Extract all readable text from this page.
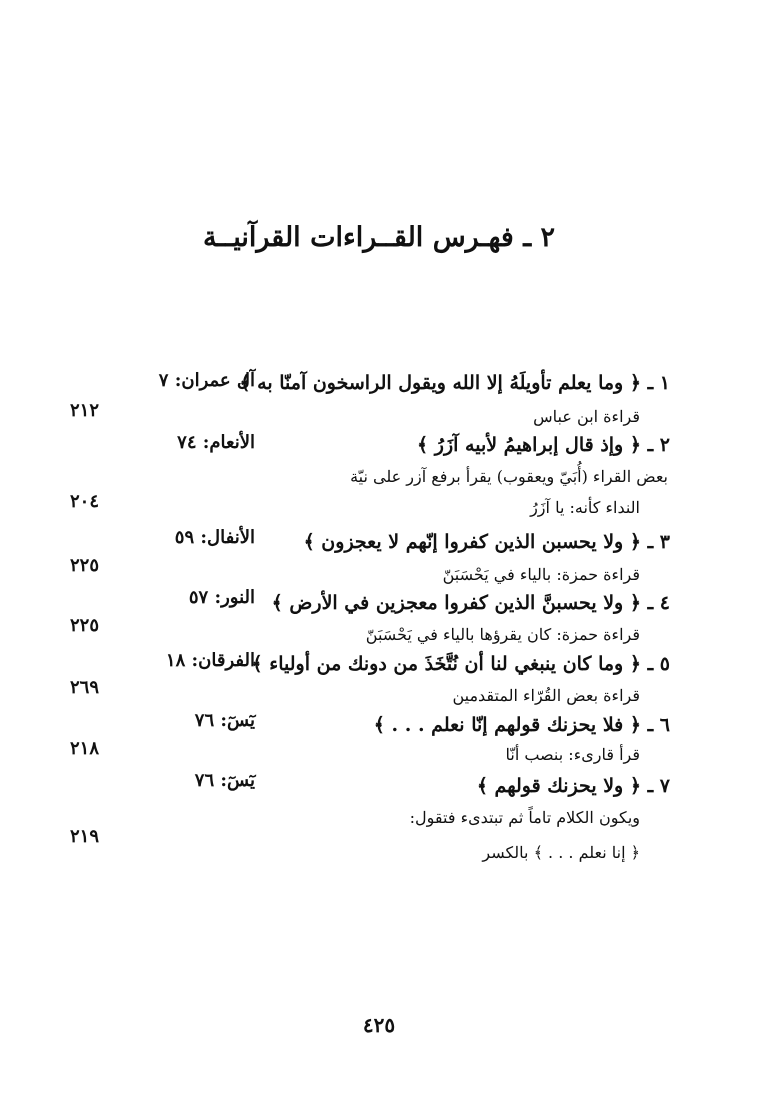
٢ ـ فهـرس القــراءات القرآنيــة
١ ـ ﴿ وما يعلم تأويلَهُ إلا الله ويقول الراسخون آمنّا به ﴾
آل عمران: ٧
قراءة ابن عباس
٢١٢
٢ ـ ﴿ وإذ قال إبراهيمُ لأبيه آزَرُ ﴾
الأنعام: ٧٤
بعض القراء (أُبَيّ ويعقوب) يقرأ برفع آزر على نيّة
النداء كأنه: يا آزَرُ
٢٠٤
٣ ـ ﴿ ولا يحسبن الذين كفروا إنّهم لا يعجزون ﴾
الأنفال: ٥٩
قراءة حمزة: بالياء في يَحْسَبَنّ
٢٢٥
٤ ـ ﴿ ولا يحسبنَّ الذين كفروا معجزين في الأرض ﴾
النور: ٥٧
قراءة حمزة: كان يقرؤها بالياء في يَحْسَبَنّ
٢٢٥
٥ ـ ﴿ وما كان ينبغي لنا أن نُتَّخَذَ من دونك من أولياء ﴾
الفرقان: ١٨
قراءة بعض القُرّاء المتقدمين
٢٦٩
٦ ـ ﴿ فلا يحزنك قولهم إنّا نعلم . . . ﴾
يٓسٓ: ٧٦
قرأ قارىء: بنصب أنّا
٢١٨
٧ ـ ﴿ ولا يحزنك قولهم ﴾
يٓسٓ: ٧٦
ويكون الكلام تاماً ثم تبتدىء فتقول:
﴿ إنا نعلم . . . ﴾ بالكسر
٢١٩
٤٢٥
